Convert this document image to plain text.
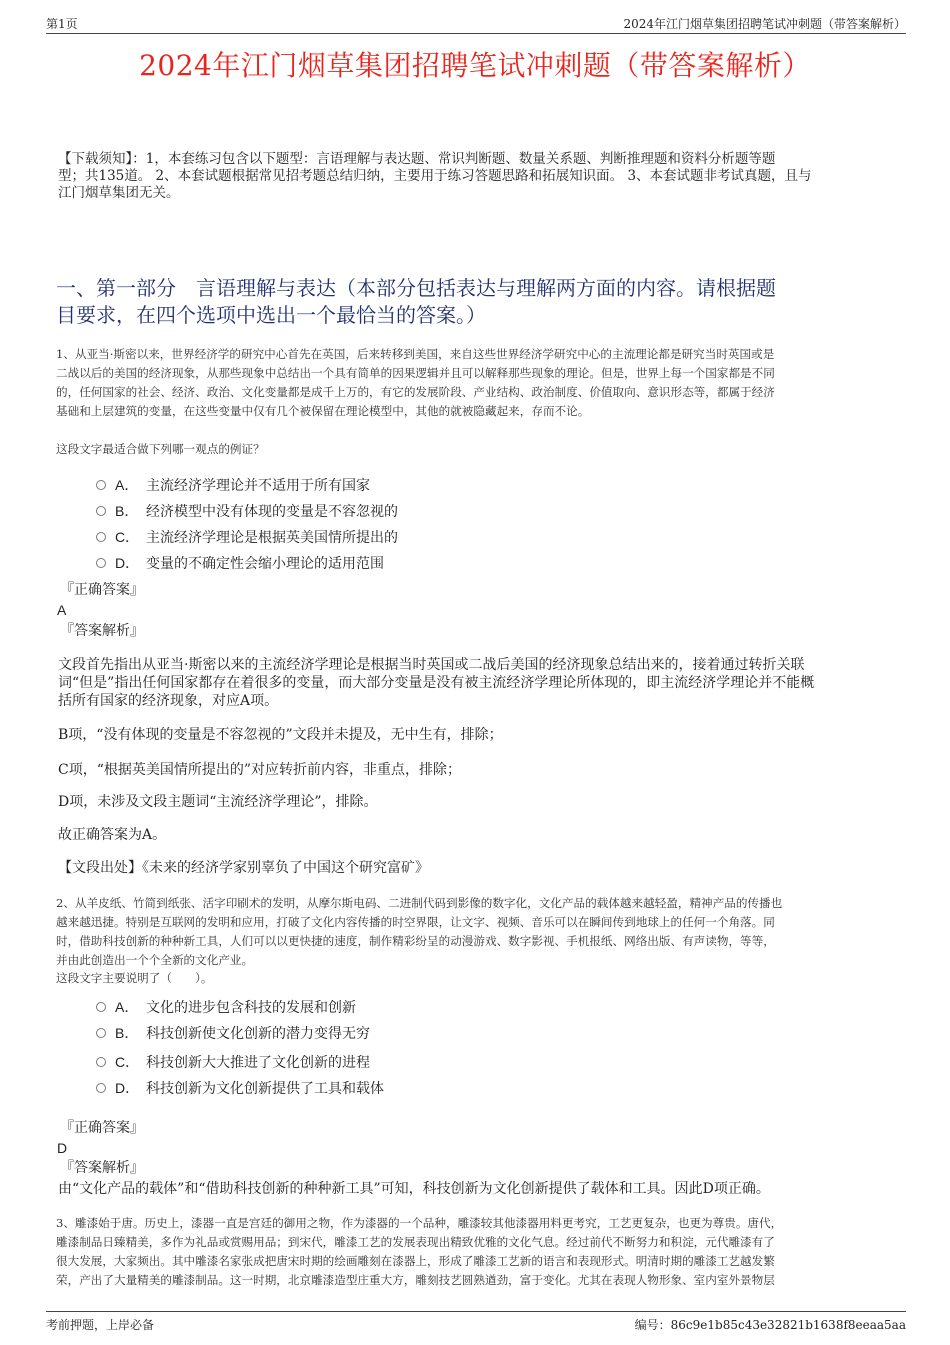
第1页	2024年江门烟草集团招聘笔试冲刺题（带答案解析）
2024年江门烟草集团招聘笔试冲刺题（带答案解析）
【下载须知】：1，本套练习包含以下题型：言语理解与表达题、常识判断题、数量关系题、判断推理题和资料分析题等题
型；共135道。 2、本套试题根据常见招考题总结归纳，主要用于练习答题思路和拓展知识面。 3、本套试题非考试真题，且与
江门烟草集团无关。
一、第一部分　言语理解与表达（本部分包括表达与理解两方面的内容。请根据题
目要求，在四个选项中选出一个最恰当的答案。）
1、从亚当·斯密以来，世界经济学的研究中心首先在英国，后来转移到美国，来自这些世界经济学研究中心的主流理论都是研究当时英国或是
二战以后的美国的经济现象，从那些现象中总结出一个具有简单的因果逻辑并且可以解释那些现象的理论。但是，世界上每一个国家都是不同
的，任何国家的社会、经济、政治、文化变量都是成千上万的，有它的发展阶段、产业结构、政治制度、价值取向、意识形态等，都属于经济
基础和上层建筑的变量，在这些变量中仅有几个被保留在理论模型中，其他的就被隐藏起来，存而不论。
这段文字最适合做下列哪一观点的例证？
A． 主流经济学理论并不适用于所有国家
B． 经济模型中没有体现的变量是不容忽视的
C． 主流经济学理论是根据英美国情所提出的
D． 变量的不确定性会缩小理论的适用范围
『正确答案』
A
『答案解析』
文段首先指出从亚当·斯密以来的主流经济学理论是根据当时英国或二战后美国的经济现象总结出来的，接着通过转折关联
词“但是”指出任何国家都存在着很多的变量，而大部分变量是没有被主流经济学理论所体现的，即主流经济学理论并不能概
括所有国家的经济现象，对应A项。
B项，“没有体现的变量是不容忽视的”文段并未提及，无中生有，排除；
C项，“根据英美国情所提出的”对应转折前内容，非重点，排除；
D项，未涉及文段主题词“主流经济学理论”，排除。
故正确答案为A。
【文段出处】《未来的经济学家别辜负了中国这个研究富矿》
2、从羊皮纸、竹简到纸张、活字印刷术的发明，从摩尔斯电码、二进制代码到影像的数字化，文化产品的载体越来越轻盈，精神产品的传播也
越来越迅捷。特别是互联网的发明和应用，打破了文化内容传播的时空界限，让文字、视频、音乐可以在瞬间传到地球上的任何一个角落。同
时，借助科技创新的种种新工具，人们可以以更快捷的速度，制作精彩纷呈的动漫游戏、数字影视、手机报纸、网络出版、有声读物，等等，
并由此创造出一个个全新的文化产业。
这段文字主要说明了（　　）。
A． 文化的进步包含科技的发展和创新
B． 科技创新使文化创新的潜力变得无穷
C． 科技创新大大推进了文化创新的进程
D． 科技创新为文化创新提供了工具和载体
『正确答案』
D
『答案解析』
由“文化产品的载体”和“借助科技创新的种种新工具”可知，科技创新为文化创新提供了载体和工具。因此D项正确。
3、雕漆始于唐。历史上，漆器一直是宫廷的御用之物，作为漆器的一个品种，雕漆较其他漆器用料更考究，工艺更复杂，也更为尊贵。唐代，
雕漆制品日臻精美，多作为礼品或赏赐用品；到宋代，雕漆工艺的发展表现出精致优雅的文化气息。经过前代不断努力和积淀，元代雕漆有了
很大发展，大家频出。其中雕漆名家张成把唐宋时期的绘画雕刻在漆器上，形成了雕漆工艺新的语言和表现形式。明清时期的雕漆工艺越发繁
荣，产出了大量精美的雕漆制品。这一时期，北京雕漆造型庄重大方，雕刻技艺圆熟遒劲，富于变化。尤其在表现人物形象、室内室外景物层
考前押题，上岸必备	编号：86c9e1b85c43e32821b1638f8eeaa5aa
